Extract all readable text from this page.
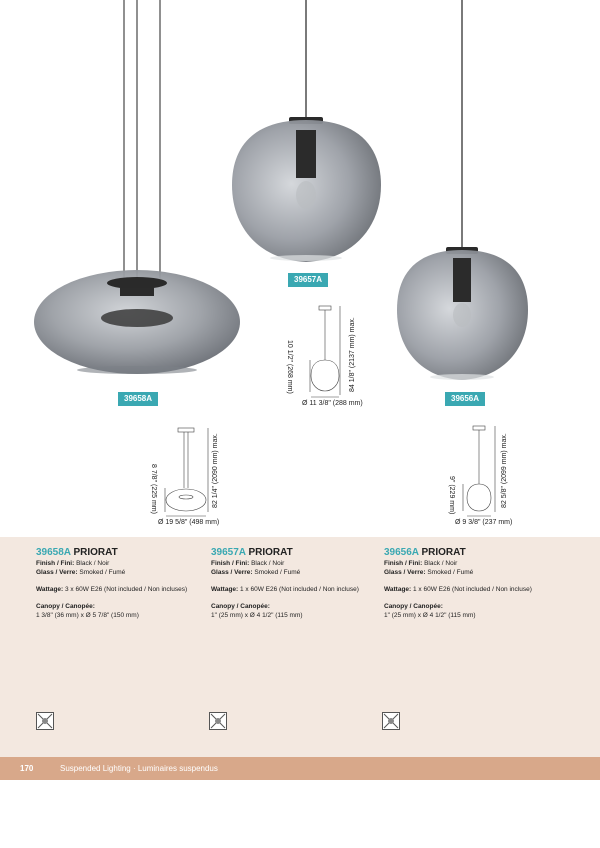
39658A
39657A
39656A
Ø 11 3/8" (288 mm)
84 1/8" (2137 mm) max.
10 1/2" (268 mm)
Ø 19 5/8" (498 mm)
82 1/4" (2090 mm) max.
8 7/8" (225 mm)
Ø 9 3/8" (237 mm)
82 5/8" (2099 mm) max.
9" (229 mm)
39658A PRIORAT

Finish / Fini: Black / Noir

Glass / Verre: Smoked / Fumé

Wattage: 3 x 60W E26 (Not included / Non incluses)

Canopy / Canopée:

1 3/8" (36 mm) x Ø 5 7/8" (150 mm)

39657A PRIORAT

Finish / Fini: Black / Noir

Glass / Verre: Smoked / Fumé

Wattage: 1 x 60W E26 (Not included / Non incluse)

Canopy / Canopée:

1" (25 mm) x Ø 4 1/2" (115 mm)

39656A PRIORAT

Finish / Fini: Black / Noir

Glass / Verre: Smoked / Fumé

Wattage: 1 x 60W E26 (Not included / Non incluse)

Canopy / Canopée:

1" (25 mm) x Ø 4 1/2" (115 mm)

170	Suspended Lighting · Luminaires suspendus
